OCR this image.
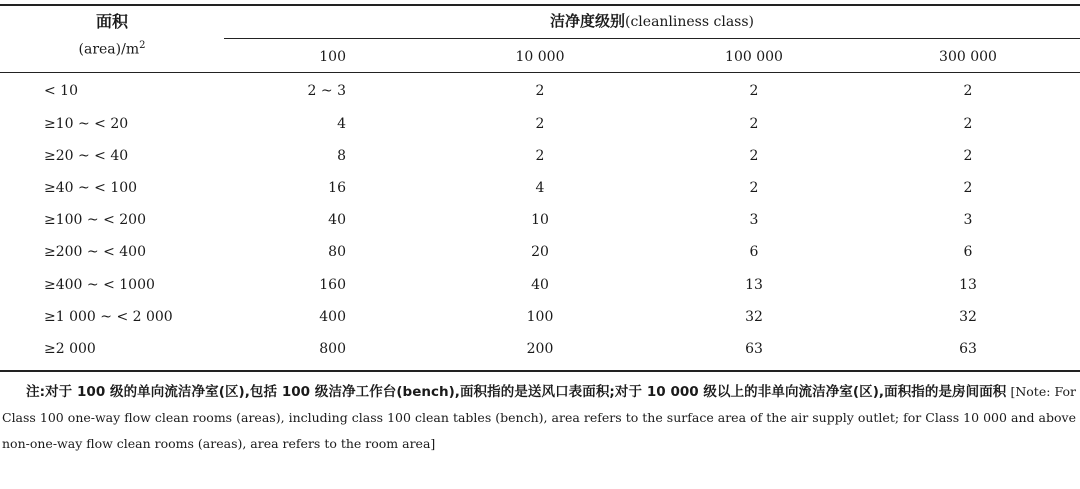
面积
$(area)/m^2$
洁净度级别(cleanliness class)
100	10 000	100 000	300 000
< 10	2 ~ 3	2	2	2
≥10 ~ < 20	4	2	2	2
≥20 ~ < 40	8	2	2	2
≥40 ~ < 100	16	4	2	2
≥100 ~ < 200	40	10	3	3
≥200 ~ < 400	80	20	6	6
≥400 ~ < 1000	160	40	13	13
≥1 000 ~ < 2 000	400	100	32	32
≥2 000	800	200	63	63
注:对于 100 级的单向流洁净室(区),包括 100 级洁净工作台(bench),面积指的是送风口表面积;对于 10 000 级以上的非单向流洁净室(区),面积指的是房间面积 [Note: For Class 100 one-way flow clean rooms (areas), including class 100 clean tables (bench), area refers to the surface area of the air supply outlet; for Class 10 000 and above non-one-way flow clean rooms (areas), area refers to the room area]
